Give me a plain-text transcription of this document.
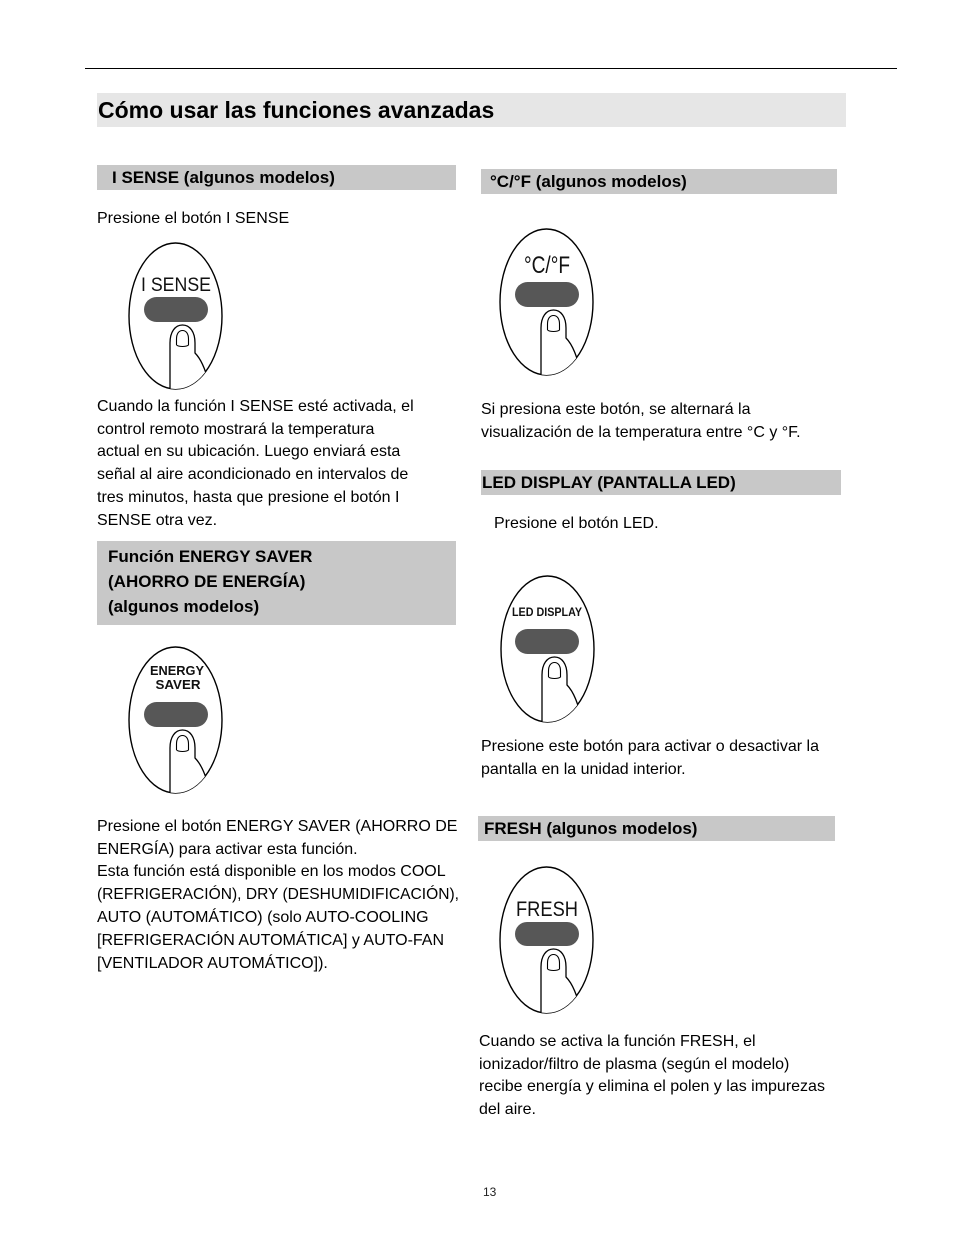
Cómo usar las funciones avanzadas
I SENSE (algunos modelos)
Presione el botón I SENSE
I SENSE
Cuando la función I SENSE esté activada, el
control remoto mostrará la temperatura
actual en su ubicación. Luego enviará esta
señal al aire acondicionado en intervalos de
tres minutos, hasta que presione el botón I
SENSE otra vez.
Función ENERGY SAVER
(AHORRO DE ENERGÍA)
(algunos modelos)
ENERGY
SAVER
Presione el botón ENERGY SAVER (AHORRO DE
ENERGÍA) para activar esta función.
Esta función está disponible en los modos COOL
(REFRIGERACIÓN), DRY (DESHUMIDIFICACIÓN),
AUTO (AUTOMÁTICO) (solo AUTO-COOLING
[REFRIGERACIÓN AUTOMÁTICA] y AUTO-FAN
[VENTILADOR AUTOMÁTICO]).
°C/°F (algunos modelos)
°C/°F
Si presiona este botón, se alternará la
visualización de la temperatura entre °C y °F.
LED DISPLAY (PANTALLA LED)
Presione el botón LED.
LED DISPLAY
Presione este botón para activar o desactivar la
pantalla en la unidad interior.
FRESH (algunos modelos)
FRESH
Cuando se activa la función FRESH, el
ionizador/filtro de plasma (según el modelo)
recibe energía y elimina el polen y las impurezas
del aire.
13
